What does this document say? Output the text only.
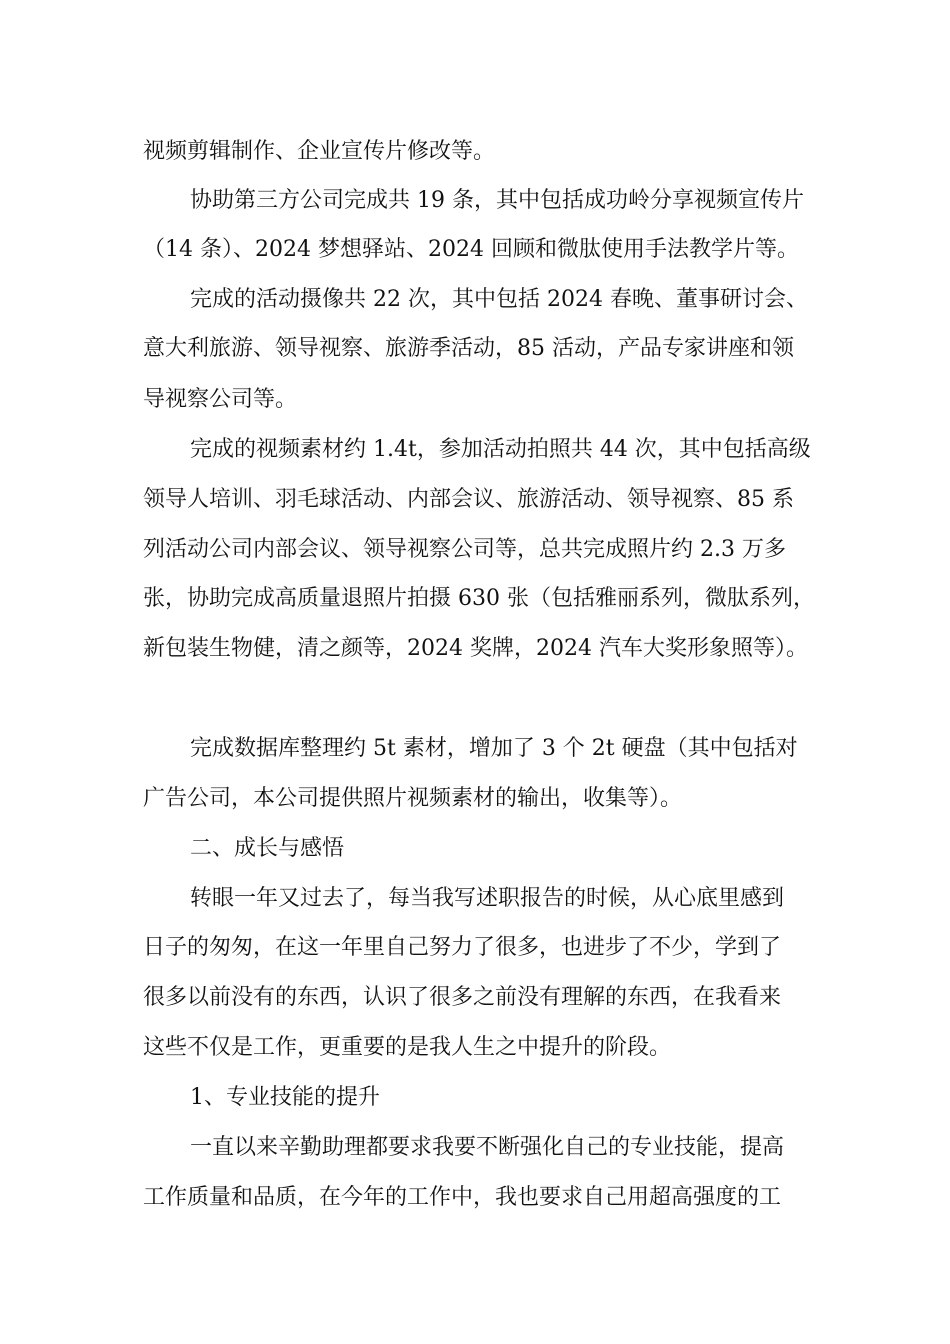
视频剪辑制作、企业宣传片修改等。

协助第三方公司完成共 19 条，其中包括成功岭分享视频宣传片

（14 条）、2024 梦想驿站、2024 回顾和微肽使用手法教学片等。

完成的活动摄像共 22 次，其中包括 2024 春晚、董事研讨会、

意大利旅游、领导视察、旅游季活动，85 活动，产品专家讲座和领

导视察公司等。

完成的视频素材约 1.4t，参加活动拍照共 44 次，其中包括高级

领导人培训、羽毛球活动、内部会议、旅游活动、领导视察、85 系

列活动公司内部会议、领导视察公司等，总共完成照片约 2.3 万多

张，协助完成高质量退照片拍摄 630 张（包括雅丽系列，微肽系列，

新包装生物健，清之颜等，2024 奖牌，2024 汽车大奖形象照等）。

完成数据库整理约 5t 素材，增加了 3 个 2t 硬盘（其中包括对

广告公司，本公司提供照片视频素材的输出，收集等）。

二、成长与感悟

转眼一年又过去了，每当我写述职报告的时候，从心底里感到

日子的匆匆，在这一年里自己努力了很多，也进步了不少，学到了

很多以前没有的东西，认识了很多之前没有理解的东西，在我看来

这些不仅是工作，更重要的是我人生之中提升的阶段。

1、专业技能的提升

一直以来辛勤助理都要求我要不断强化自己的专业技能，提高

工作质量和品质，在今年的工作中，我也要求自己用超高强度的工
